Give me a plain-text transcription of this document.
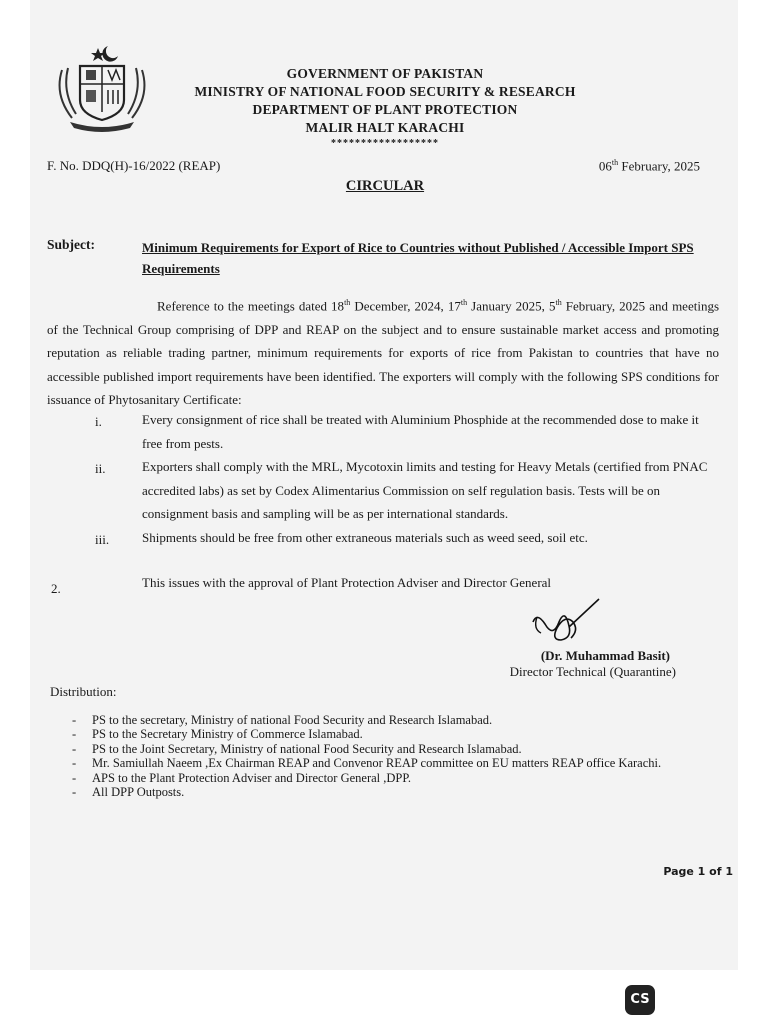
GOVERNMENT OF PAKISTAN
MINISTRY OF NATIONAL FOOD SECURITY & RESEARCH
DEPARTMENT OF PLANT PROTECTION
MALIR HALT KARACHI
******************
F. No. DDQ(H)-16/2022 (REAP)	06th February, 2025
CIRCULAR
Subject:	Minimum Requirements for Export of Rice to Countries without Published / Accessible Import SPS Requirements
Reference to the meetings dated 18th December, 2024, 17th January 2025, 5th February, 2025 and meetings of the Technical Group comprising of DPP and REAP on the subject and to ensure sustainable market access and promoting reputation as reliable trading partner, minimum requirements for exports of rice from Pakistan to countries that have no accessible published import requirements have been identified. The exporters will comply with the following SPS conditions for issuance of Phytosanitary Certificate:
i.	Every consignment of rice shall be treated with Aluminium Phosphide at the recommended dose to make it free from pests.
ii.	Exporters shall comply with the MRL, Mycotoxin limits and testing for Heavy Metals (certified from PNAC accredited labs) as set by Codex Alimentarius Commission on self regulation basis. Tests will be on consignment basis and sampling will be as per international standards.
iii.	Shipments should be free from other extraneous materials such as weed seed, soil etc.
2.	This issues with the approval of Plant Protection Adviser and Director General
(Dr. Muhammad Basit)
Director Technical (Quarantine)
Distribution:
-	PS to the secretary, Ministry of national Food Security and Research Islamabad.
-	PS to the Secretary Ministry of Commerce Islamabad.
-	PS to the Joint Secretary, Ministry of national Food Security and Research Islamabad.
-	Mr. Samiullah Naeem ,Ex Chairman REAP and Convenor REAP committee on EU matters REAP office Karachi.
-	APS to the Plant Protection Adviser and Director General ,DPP.
-	All DPP Outposts.
Page 1 of 1
CS
